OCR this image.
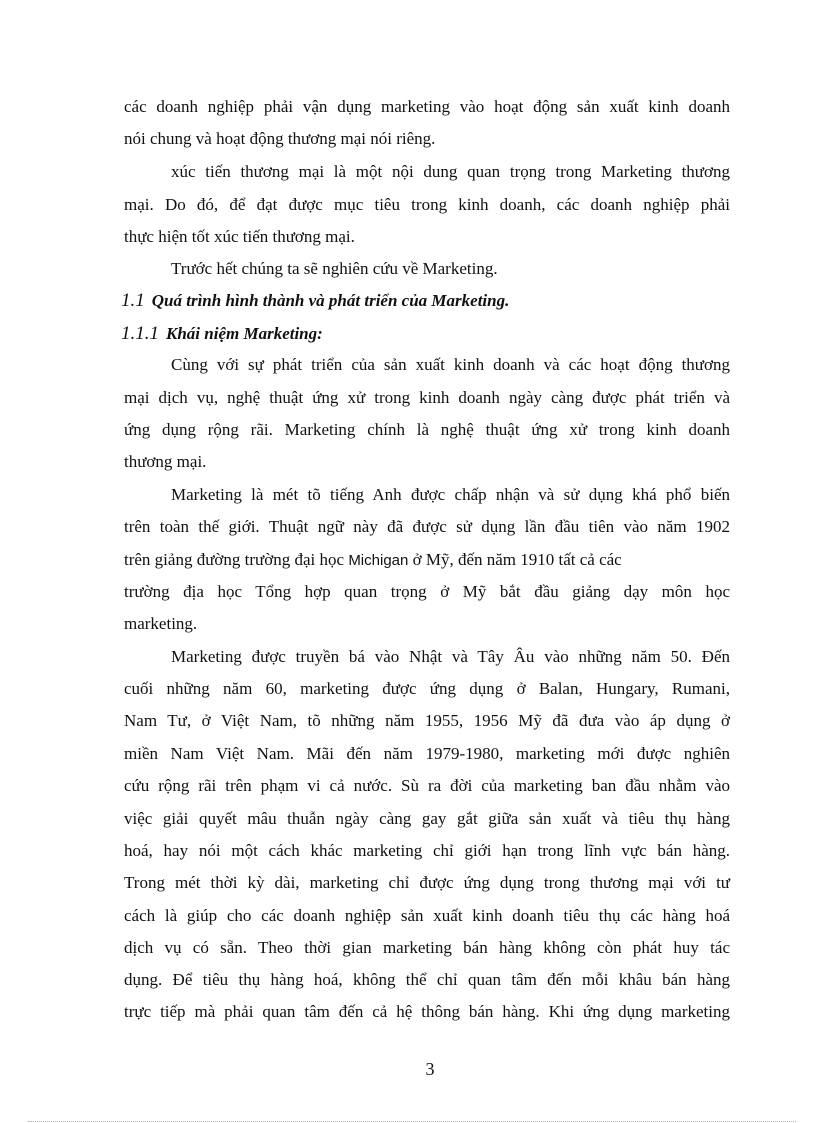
các doanh nghiệp phải vận dụng marketing vào hoạt động sản xuất kinh doanh
nói chung và hoạt động thương mại nói riêng.
xúc tiến thương mại là một nội dung quan trọng trong Marketing thương
mại. Do đó, để đạt được mục tiêu trong kinh doanh, các doanh nghiệp phải
thực hiện tốt xúc tiến thương mại.
Trước hết chúng ta sẽ nghiên cứu về Marketing.
1.1 Quá trình hình thành và phát triển của Marketing.
1.1.1 Khái niệm Marketing:
Cùng với sự phát triển của sản xuất kinh doanh và các hoạt động thương
mại dịch vụ, nghệ thuật ứng xử trong kinh doanh ngày càng được phát triển và
ứng dụng rộng rãi. Marketing chính là nghệ thuật ứng xử trong kinh doanh
thương mại.
Marketing là mét tõ tiếng Anh được chấp nhận và sử dụng khá phổ biến
trên toàn thế giới. Thuật ngữ này đã được sử dụng lần đầu tiên vào năm 1902
trên giảng đường trường đại học Michigan ở Mỹ, đến năm 1910 tất cả các
trường địa học Tổng hợp quan trọng ở Mỹ bắt đầu giảng dạy môn học
marketing.
Marketing được truyền bá vào Nhật và Tây Âu vào những năm 50. Đến
cuối những năm 60, marketing được ứng dụng ở Balan, Hungary, Rumani,
Nam Tư, ở Việt Nam, tõ những năm 1955, 1956 Mỹ đã đưa vào áp dụng ở
miền Nam Việt Nam. Mãi đến năm 1979-1980, marketing mới được nghiên
cứu rộng rãi trên phạm vi cả nước. Sù ra đời của marketing ban đầu nhằm vào
việc giải quyết mâu thuẫn ngày càng gay gắt giữa sản xuất và tiêu thụ hàng
hoá, hay nói một cách khác marketing chỉ giới hạn trong lĩnh vực bán hàng.
Trong mét thời kỳ dài, marketing chỉ được ứng dụng trong thương mại với tư
cách là giúp cho các doanh nghiệp sản xuất kinh doanh tiêu thụ các hàng hoá
dịch vụ có sẵn. Theo thời gian marketing bán hàng không còn phát huy tác
dụng. Để tiêu thụ hàng hoá, không thể chỉ quan tâm đến mỗi khâu bán hàng
trực tiếp mà phải quan tâm đến cả hệ thông bán hàng. Khi ứng dụng marketing
3
